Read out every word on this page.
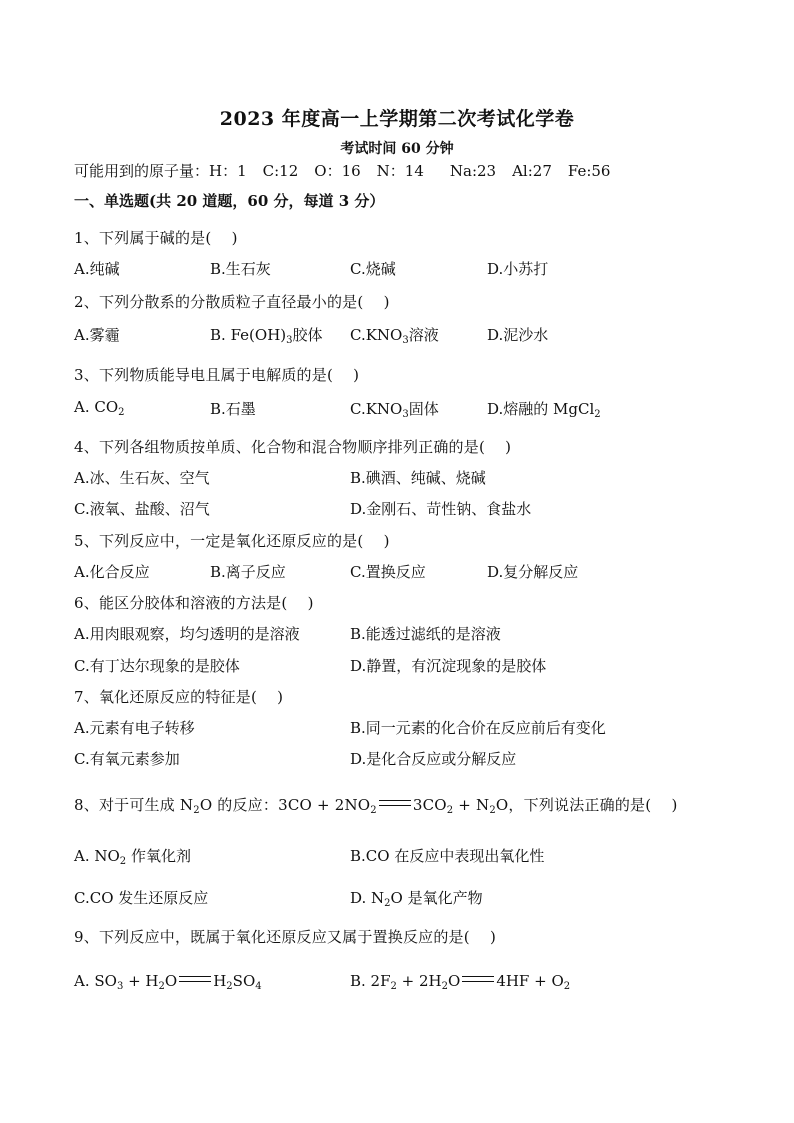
2023 年度高一上学期第二次考试化学卷
考试时间 60 分钟
可能用到的原子量：H：1 C:12 O：16 N：14 Na:23 Al:27 Fe:56
一、单选题(共 20 道题，60 分，每道 3 分）
1、下列属于碱的是(　 )
A.纯碱	B.生石灰	C.烧碱	D.小苏打
2、下列分散系的分散质粒子直径最小的是(　 )
A.雾霾	B. $Fe(OH)_3$胶体 $C.KNO_3$溶液	D.泥沙水
3、下列物质能导电且属于电解质的是(　 )
A. $CO_2$	B.石墨	$C.KNO_3$固体	D.熔融的 MgCl$_2$
4、下列各组物质按单质、化合物和混合物顺序排列正确的是(　 )
A.冰、生石灰、空气	B.碘酒、纯碱、烧碱
C.液氧、盐酸、沼气	D.金刚石、苛性钠、食盐水
5、下列反应中，一定是氧化还原反应的是(　 )
A.化合反应	B.离子反应	C.置换反应	D.复分解反应
6、能区分胶体和溶液的方法是(　 )
A.用肉眼观察，均匀透明的是溶液	B.能透过滤纸的是溶液
C.有丁达尔现象的是胶体	D.静置，有沉淀现象的是胶体
7、氧化还原反应的特征是(　 )
A.元素有电子转移	B.同一元素的化合价在反应前后有变化
C.有氧元素参加	D.是化合反应或分解反应
8、对于可生成 $N_2O$ 的反应：$3CO + 2NO_2$ $3CO_2 + N_2O$，下列说法正确的是(　 )
A. $NO_2$ 作氧化剂	B.CO 在反应中表现出氧化性
C.CO 发生还原反应	D. $N_2O$ 是氧化产物
9、下列反应中，既属于氧化还原反应又属于置换反应的是(　 )
A. $SO_3 + H_2O$ $H_2SO_4$	B. $2F_2 + 2H_2O$ $4HF + O_2$
